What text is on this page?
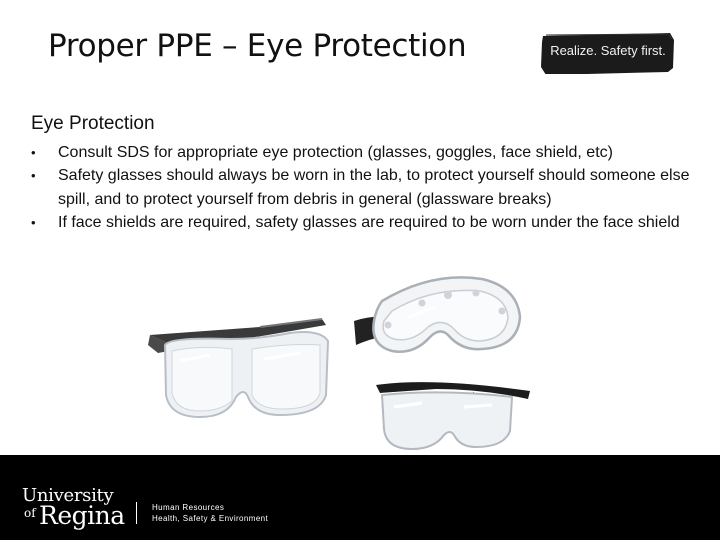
Proper PPE – Eye Protection	Realize. Safety first.
Eye Protection
• Consult SDS for appropriate eye protection (glasses, goggles, face shield, etc)
• Safety glasses should always be worn in the lab, to protect yourself should someone else spill, and to protect yourself from debris in general (glassware breaks)
• If face shields are required, safety glasses are required to be worn under the face shield
University
of Regina	Human Resources
Health, Safety & Environment
